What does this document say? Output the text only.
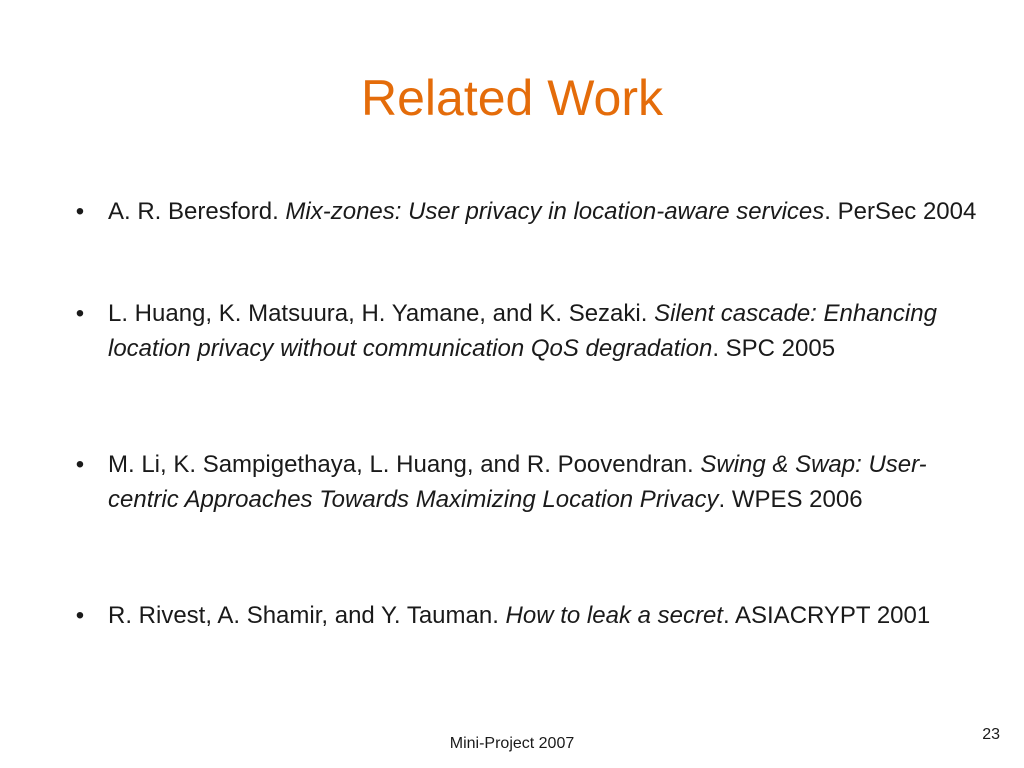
Related Work
• A. R. Beresford. Mix-zones: User privacy in location-aware services. PerSec 2004
• L. Huang, K. Matsuura, H. Yamane, and K. Sezaki. Silent cascade: Enhancing location privacy without communication QoS degradation. SPC 2005
• M. Li, K. Sampigethaya, L. Huang, and R. Poovendran. Swing & Swap: User-centric Approaches Towards Maximizing Location Privacy. WPES 2006
• R. Rivest, A. Shamir, and Y. Tauman. How to leak a secret. ASIACRYPT 2001
Mini-Project 2007
23
